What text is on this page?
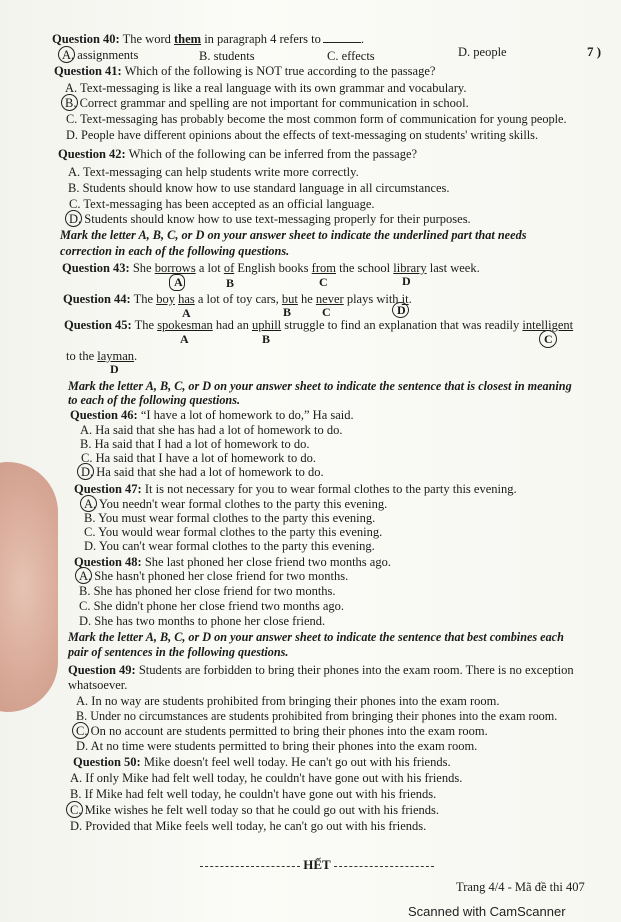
Question 40: The word them in paragraph 4 refers to	.
A. assignments	B. students	C. effects	D. people
Question 41: Which of the following is NOT true according to the passage?
A. Text-messaging is like a real language with its own grammar and vocabulary.
B. Correct grammar and spelling are not important for communication in school.
C. Text-messaging has probably become the most common form of communication for young people.
D. People have different opinions about the effects of text-messaging on students' writing skills.
Question 42: Which of the following can be inferred from the passage?
A. Text-messaging can help students write more correctly.
B. Students should know how to use standard language in all circumstances.
C. Text-messaging has been accepted as an official language.
D. Students should know how to use text-messaging properly for their purposes.
Mark the letter A, B, C, or D on your answer sheet to indicate the underlined part that needs
correction in each of the following questions.
Question 43: She borrows a lot of English books from the school library last week.
A	B	C	D
Question 44: The boy has a lot of toy cars, but he never plays with it.
A	B	C	D
Question 45: The spokesman had an uphill struggle to find an explanation that was readily intelligent
A	B	C
to the layman.
D
Mark the letter A, B, C, or D on your answer sheet to indicate the sentence that is closest in meaning
to each of the following questions.
Question 46: “I have a lot of homework to do,” Ha said.
A. Ha said that she has had a lot of homework to do.
B. Ha said that I had a lot of homework to do.
C. Ha said that I have a lot of homework to do.
D. Ha said that she had a lot of homework to do.
Question 47: It is not necessary for you to wear formal clothes to the party this evening.
A. You needn't wear formal clothes to the party this evening.
B. You must wear formal clothes to the party this evening.
C. You would wear formal clothes to the party this evening.
D. You can't wear formal clothes to the party this evening.
Question 48: She last phoned her close friend two months ago.
A. She hasn't phoned her close friend for two months.
B. She has phoned her close friend for two months.
C. She didn't phone her close friend two months ago.
D. She has two months to phone her close friend.
Mark the letter A, B, C, or D on your answer sheet to indicate the sentence that best combines each
pair of sentences in the following questions.
Question 49: Students are forbidden to bring their phones into the exam room. There is no exception
whatsoever.
A. In no way are students prohibited from bringing their phones into the exam room.
B. Under no circumstances are students prohibited from bringing their phones into the exam room.
C. On no account are students permitted to bring their phones into the exam room.
D. At no time were students permitted to bring their phones into the exam room.
Question 50: Mike doesn't feel well today. He can't go out with his friends.
A. If only Mike had felt well today, he couldn't have gone out with his friends.
B. If Mike had felt well today, he couldn't have gone out with his friends.
C. Mike wishes he felt well today so that he could go out with his friends.
D. Provided that Mike feels well today, he can't go out with his friends.
7 )
HẾT
Trang 4/4 - Mã đề thi 407
Scanned with CamScanner
